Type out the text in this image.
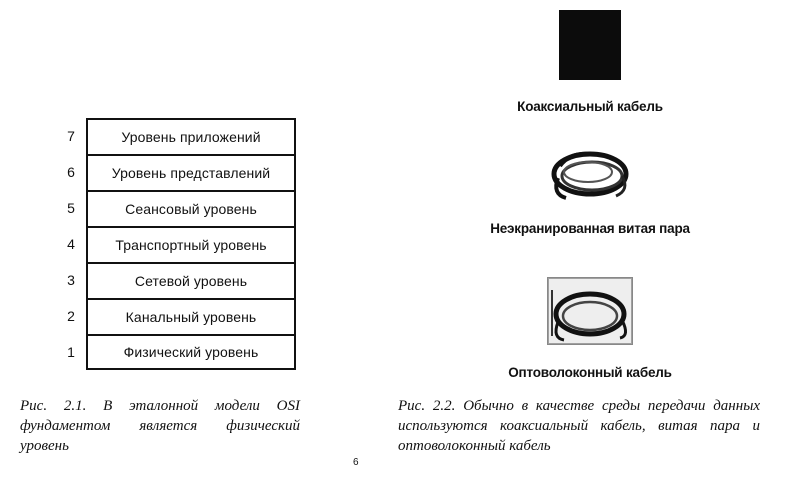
7	Уровень приложений
6	Уровень представлений
5	Сеансовый уровень
4	Транспортный уровень
3	Сетевой уровень
2	Канальный уровень
1	Физический уровень
Рис. 2.1. В эталонной модели OSI фундаментом является физический уровень
Коаксиальный кабель
Неэкранированная витая пара
Оптоволоконный кабель
Рис. 2.2. Обычно в качестве среды передачи данных используются коаксиальный кабель, витая пара и оптоволоконный кабель
6
